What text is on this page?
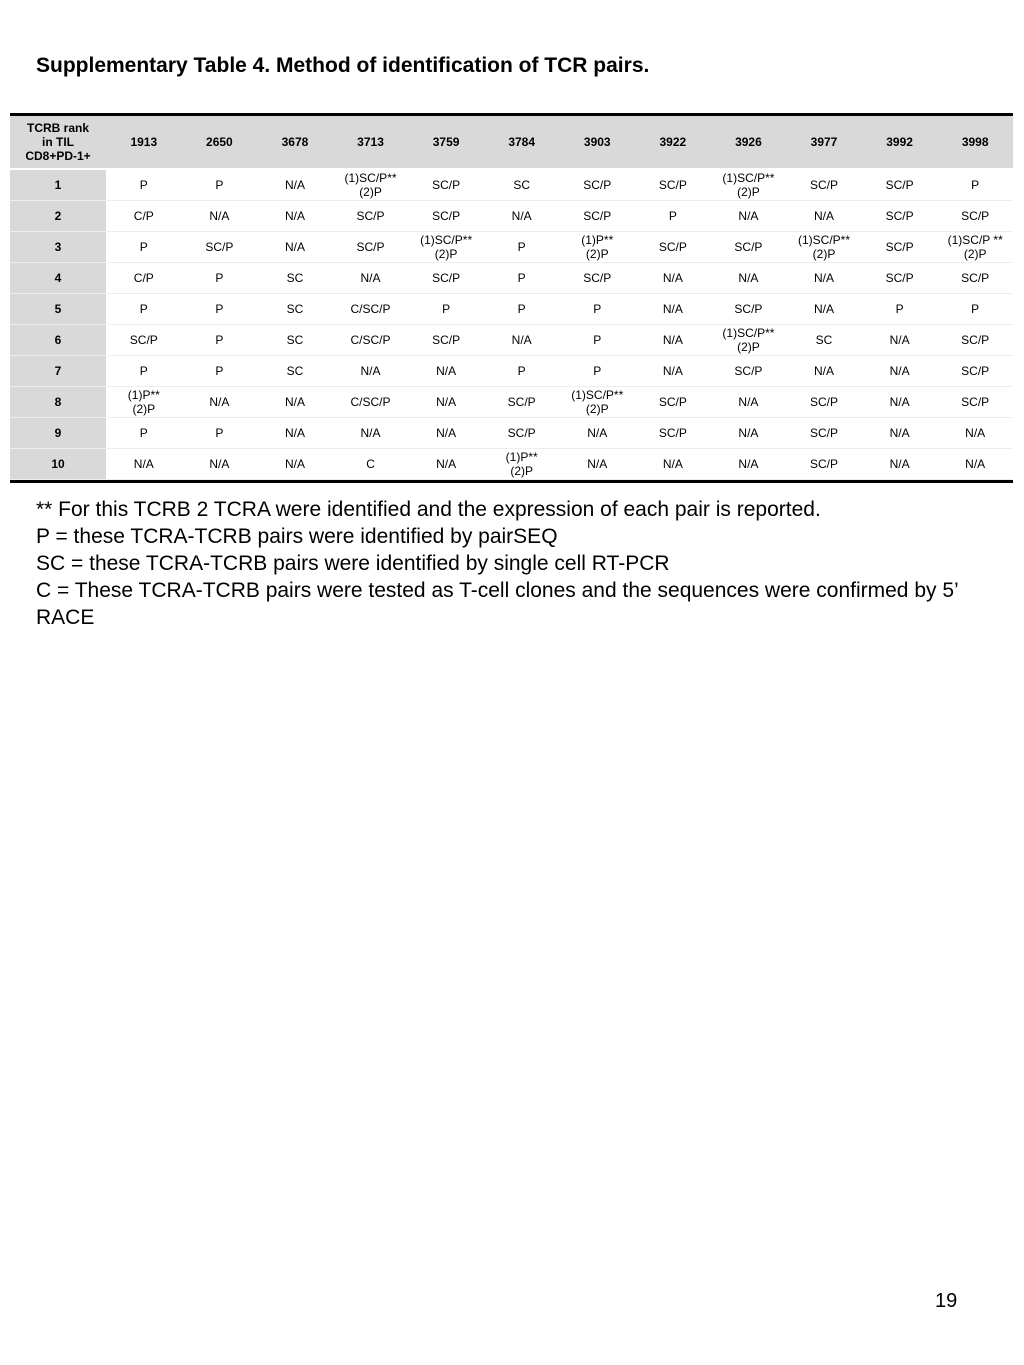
Supplementary Table 4. Method of identification of TCR pairs.
TCRB rank
in TIL
CD8+PD-1+	1913	2650	3678	3713	3759	3784	3903	3922	3926	3977	3992	3998
1	P	P	N/A	(1)SC/P**
(2)P	SC/P	SC	SC/P	SC/P	(1)SC/P**
(2)P	SC/P	SC/P	P
2	C/P	N/A	N/A	SC/P	SC/P	N/A	SC/P	P	N/A	N/A	SC/P	SC/P
3	P	SC/P	N/A	SC/P	(1)SC/P**
(2)P	P	(1)P**
(2)P	SC/P	SC/P	(1)SC/P**
(2)P	SC/P	(1)SC/P **
(2)P
4	C/P	P	SC	N/A	SC/P	P	SC/P	N/A	N/A	N/A	SC/P	SC/P
5	P	P	SC	C/SC/P	P	P	P	N/A	SC/P	N/A	P	P
6	SC/P	P	SC	C/SC/P	SC/P	N/A	P	N/A	(1)SC/P**
(2)P	SC	N/A	SC/P
7	P	P	SC	N/A	N/A	P	P	N/A	SC/P	N/A	N/A	SC/P
8	(1)P**
(2)P	N/A	N/A	C/SC/P	N/A	SC/P	(1)SC/P**
(2)P	SC/P	N/A	SC/P	N/A	SC/P
9	P	P	N/A	N/A	N/A	SC/P	N/A	SC/P	N/A	SC/P	N/A	N/A
10	N/A	N/A	N/A	C	N/A	(1)P**
(2)P	N/A	N/A	N/A	SC/P	N/A	N/A

** For this TCRB 2 TCRA were identified and the expression of each pair is reported.

P = these TCRA-TCRB pairs were identified by pairSEQ

SC = these TCRA-TCRB pairs were identified by single cell RT-PCR

C = These TCRA-TCRB pairs were tested as T-cell clones and the sequences were confirmed by 5’ RACE

19
